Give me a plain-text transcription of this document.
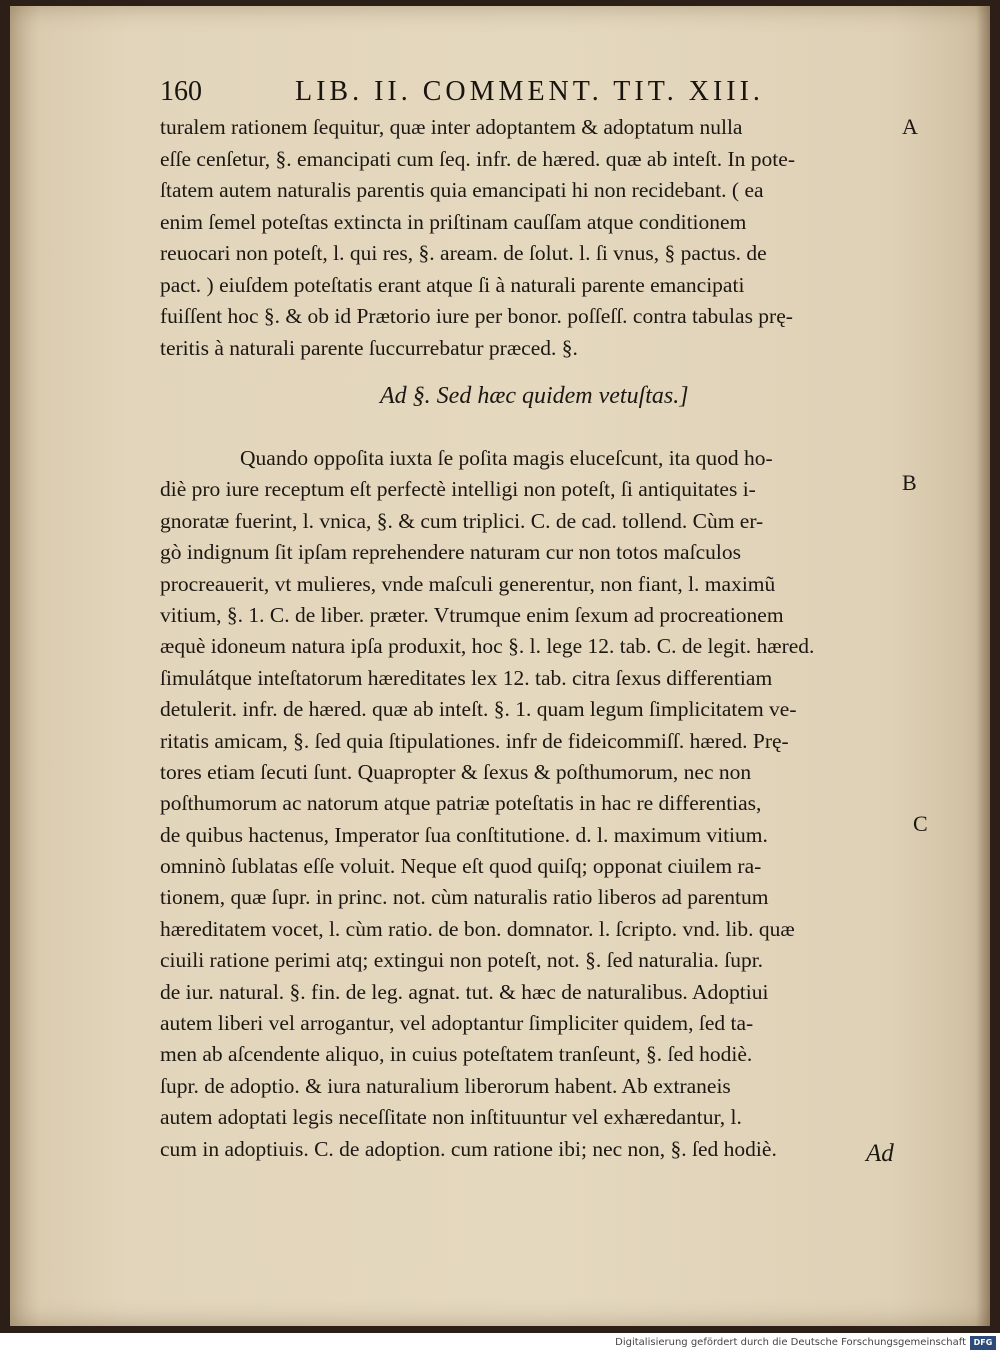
160	LIB. II. COMMENT. TIT. XIII.
turalem rationem ſequitur, quæ inter adoptantem & adoptatum nulla
eſſe cenſetur, §. emancipati cum ſeq. infr. de hæred. quæ ab inteſt. In pote-
ſtatem autem naturalis parentis quia emancipati hi non recidebant. ( ea
enim ſemel poteſtas extincta in priſtinam cauſſam atque conditionem
reuocari non poteſt, l. qui res, §. aream. de ſolut. l. ſi vnus, § pactus. de
pact. ) eiuſdem poteſtatis erant atque ſi à naturali parente emancipati
fuiſſent hoc §. & ob id Prætorio iure per bonor. poſſeſſ. contra tabulas prę-
teritis à naturali parente ſuccurrebatur præced. §.
A
Ad §. Sed hæc quidem vetuſtas.]
Quando oppoſita iuxta ſe poſita magis eluceſcunt, ita quod ho-
diè pro iure receptum eſt perfectè intelligi non poteſt, ſi antiquitates i-
gnoratæ fuerint, l. vnica, §. & cum triplici. C. de cad. tollend. Cùm er-
gò indignum ſit ipſam reprehendere naturam cur non totos maſculos
procreauerit, vt mulieres, vnde maſculi generentur, non fiant, l. maximũ
vitium, §. 1. C. de liber. præter. Vtrumque enim ſexum ad procreationem
æquè idoneum natura ipſa produxit, hoc §. l. lege 12. tab. C. de legit. hæred.
ſimulátque inteſtatorum hæreditates lex 12. tab. citra ſexus differentiam
detulerit. infr. de hæred. quæ ab inteſt. §. 1. quam legum ſimplicitatem ve-
ritatis amicam, §. ſed quia ſtipulationes. infr de fideicommiſſ. hæred. Prę-
tores etiam ſecuti ſunt. Quapropter & ſexus & poſthumorum, nec non
poſthumorum ac natorum atque patriæ poteſtatis in hac re differentias,
de quibus hactenus, Imperator ſua conſtitutione. d. l. maximum vitium.
omninò ſublatas eſſe voluit. Neque eſt quod quiſq; opponat ciuilem ra-
tionem, quæ ſupr. in princ. not. cùm naturalis ratio liberos ad parentum
hæreditatem vocet, l. cùm ratio. de bon. domnator. l. ſcripto. vnd. lib. quæ
ciuili ratione perimi atq; extingui non poteſt, not. §. ſed naturalia. ſupr.
de iur. natural. §. fin. de leg. agnat. tut. & hæc de naturalibus. Adoptiui
autem liberi vel arrogantur, vel adoptantur ſimpliciter quidem, ſed ta-
men ab aſcendente aliquo, in cuius poteſtatem tranſeunt, §. ſed hodiè.
ſupr. de adoptio. & iura naturalium liberorum habent. Ab extraneis
autem adoptati legis neceſſitate non inſtituuntur vel exhæredantur, l.
cum in adoptiuis. C. de adoption. cum ratione ibi; nec non, §. ſed hodiè.
B
C
Ad
Digitalisierung gefördert durch die Deutsche Forschungsgemeinschaft DFG
